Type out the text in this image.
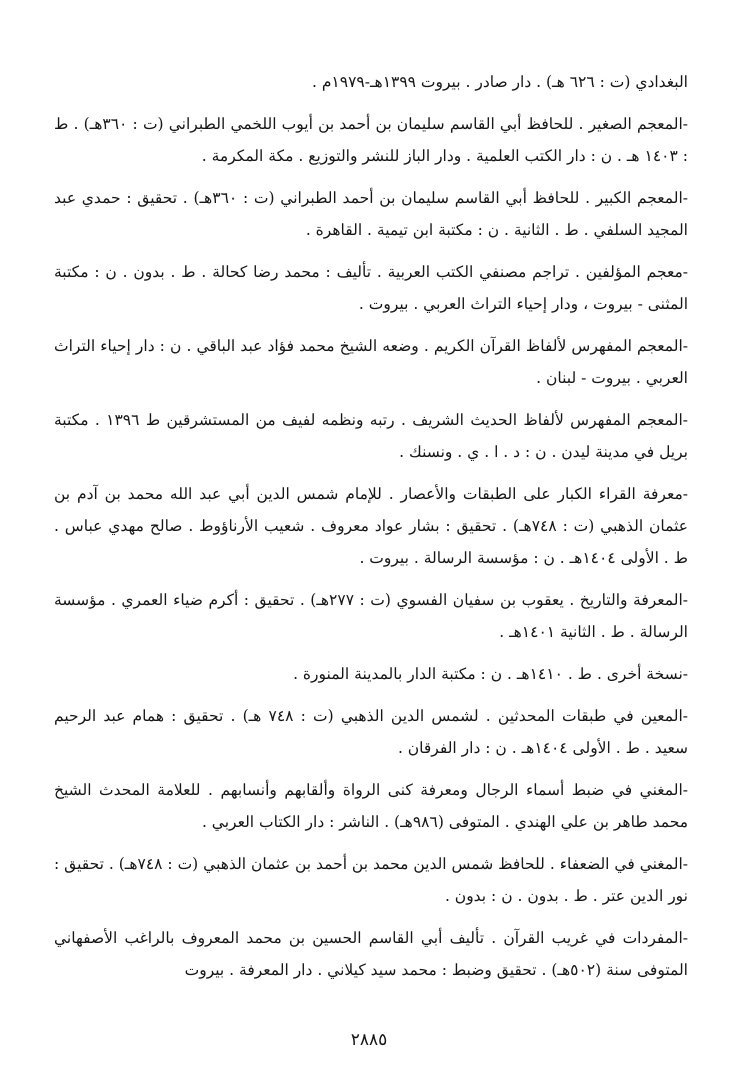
البغدادي (ت : ٦٢٦ هـ) . دار صادر . بيروت ١٣٩٩هـ-١٩٧٩م .

-المعجم الصغير . للحافظ أبي القاسم سليمان بن أحمد بن أيوب اللخمي الطبراني (ت : ٣٦٠هـ) . ط : ١٤٠٣ هـ . ن : دار الكتب العلمية . ودار الباز للنشر والتوزيع . مكة المكرمة .

-المعجم الكبير . للحافظ أبي القاسم سليمان بن أحمد الطبراني (ت : ٣٦٠هـ) . تحقيق : حمدي عبد المجيد السلفي . ط . الثانية . ن : مكتبة ابن تيمية . القاهرة .

-معجم المؤلفين . تراجم مصنفي الكتب العربية . تأليف : محمد رضا كحالة . ط . بدون . ن : مكتبة المثنى - بيروت ، ودار إحياء التراث العربي . بيروت .

-المعجم المفهرس لألفاظ القرآن الكريم . وضعه الشيخ محمد فؤاد عبد الباقي . ن : دار إحياء التراث العربي . بيروت - لبنان .

-المعجم المفهرس لألفاظ الحديث الشريف . رتبه ونظمه لفيف من المستشرقين ط ١٣٩٦ . مكتبة بريل في مدينة ليدن . ن : د . ا . ي . ونسنك .

-معرفة القراء الكبار على الطبقات والأعصار . للإمام شمس الدين أبي عبد الله محمد بن آدم بن عثمان الذهبي (ت : ٧٤٨هـ) . تحقيق : بشار عواد معروف . شعيب الأرناؤوط . صالح مهدي عباس . ط . الأولى ١٤٠٤هـ . ن : مؤسسة الرسالة . بيروت .

-المعرفة والتاريخ . يعقوب بن سفيان الفسوي (ت : ٢٧٧هـ) . تحقيق : أكرم ضياء العمري . مؤسسة الرسالة . ط . الثانية ١٤٠١هـ .

-نسخة أخرى . ط . ١٤١٠هـ . ن : مكتبة الدار بالمدينة المنورة .

-المعين في طبقات المحدثين . لشمس الدين الذهبي (ت : ٧٤٨ هـ) . تحقيق : همام عبد الرحيم سعيد . ط . الأولى ١٤٠٤هـ . ن : دار الفرقان .

-المغني في ضبط أسماء الرجال ومعرفة كنى الرواة وألقابهم وأنسابهم . للعلامة المحدث الشيخ محمد طاهر بن علي الهندي . المتوفى (٩٨٦هـ) . الناشر : دار الكتاب العربي .

-المغني في الضعفاء . للحافظ شمس الدين محمد بن أحمد بن عثمان الذهبي (ت : ٧٤٨هـ) . تحقيق : نور الدين عتر . ط . بدون . ن : بدون .

-المفردات في غريب القرآن . تأليف أبي القاسم الحسين بن محمد المعروف بالراغب الأصفهاني المتوفى سنة (٥٠٢هـ) . تحقيق وضبط : محمد سيد كيلاني . دار المعرفة . بيروت

٢٨٨٥
